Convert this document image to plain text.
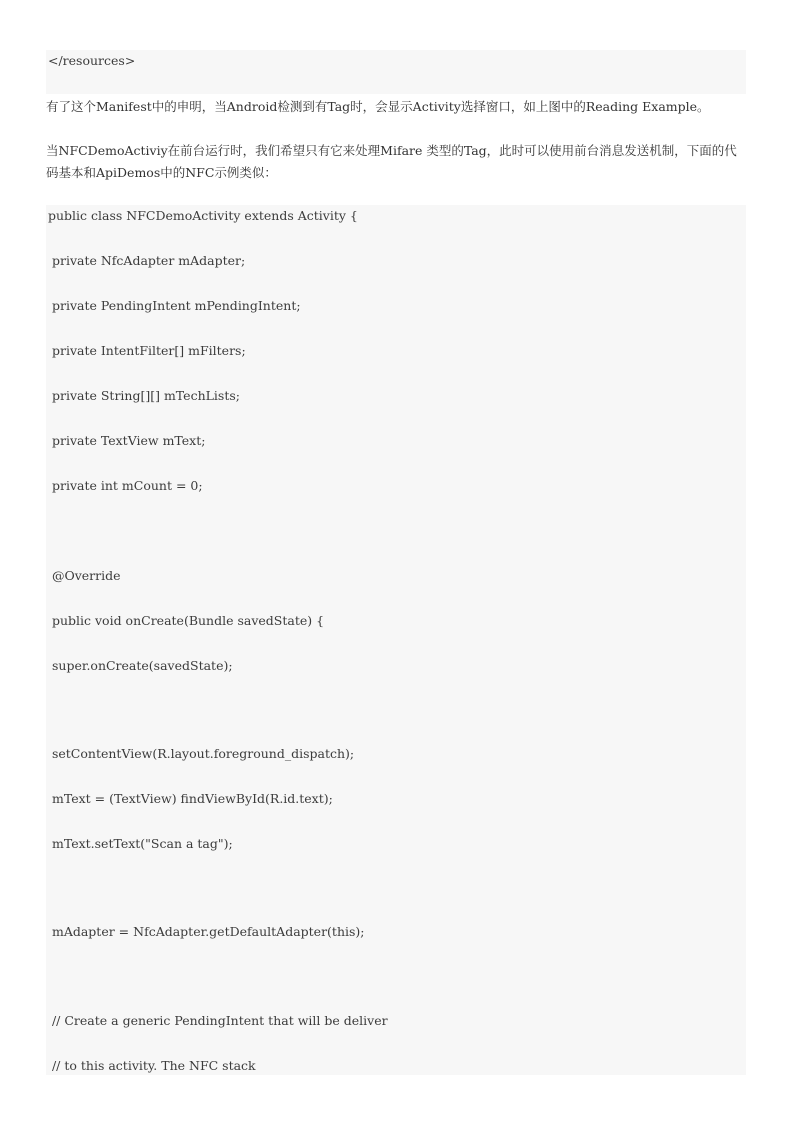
</resources>
有了这个Manifest中的申明，当Android检测到有Tag时，会显示Activity选择窗口，如上图中的Reading Example。
当NFCDemoActiviy在前台运行时，我们希望只有它来处理Mifare 类型的Tag，此时可以使用前台消息发送机制，下面的代码基本和ApiDemos中的NFC示例类似：
public class NFCDemoActivity extends Activity {
private NfcAdapter mAdapter;
private PendingIntent mPendingIntent;
private IntentFilter[] mFilters;
private String[][] mTechLists;
private TextView mText;
private int mCount = 0;
@Override
public void onCreate(Bundle savedState) {
super.onCreate(savedState);
setContentView(R.layout.foreground_dispatch);
mText = (TextView) findViewById(R.id.text);
mText.setText("Scan a tag");
mAdapter = NfcAdapter.getDefaultAdapter(this);
// Create a generic PendingIntent that will be deliver
// to this activity. The NFC stack
